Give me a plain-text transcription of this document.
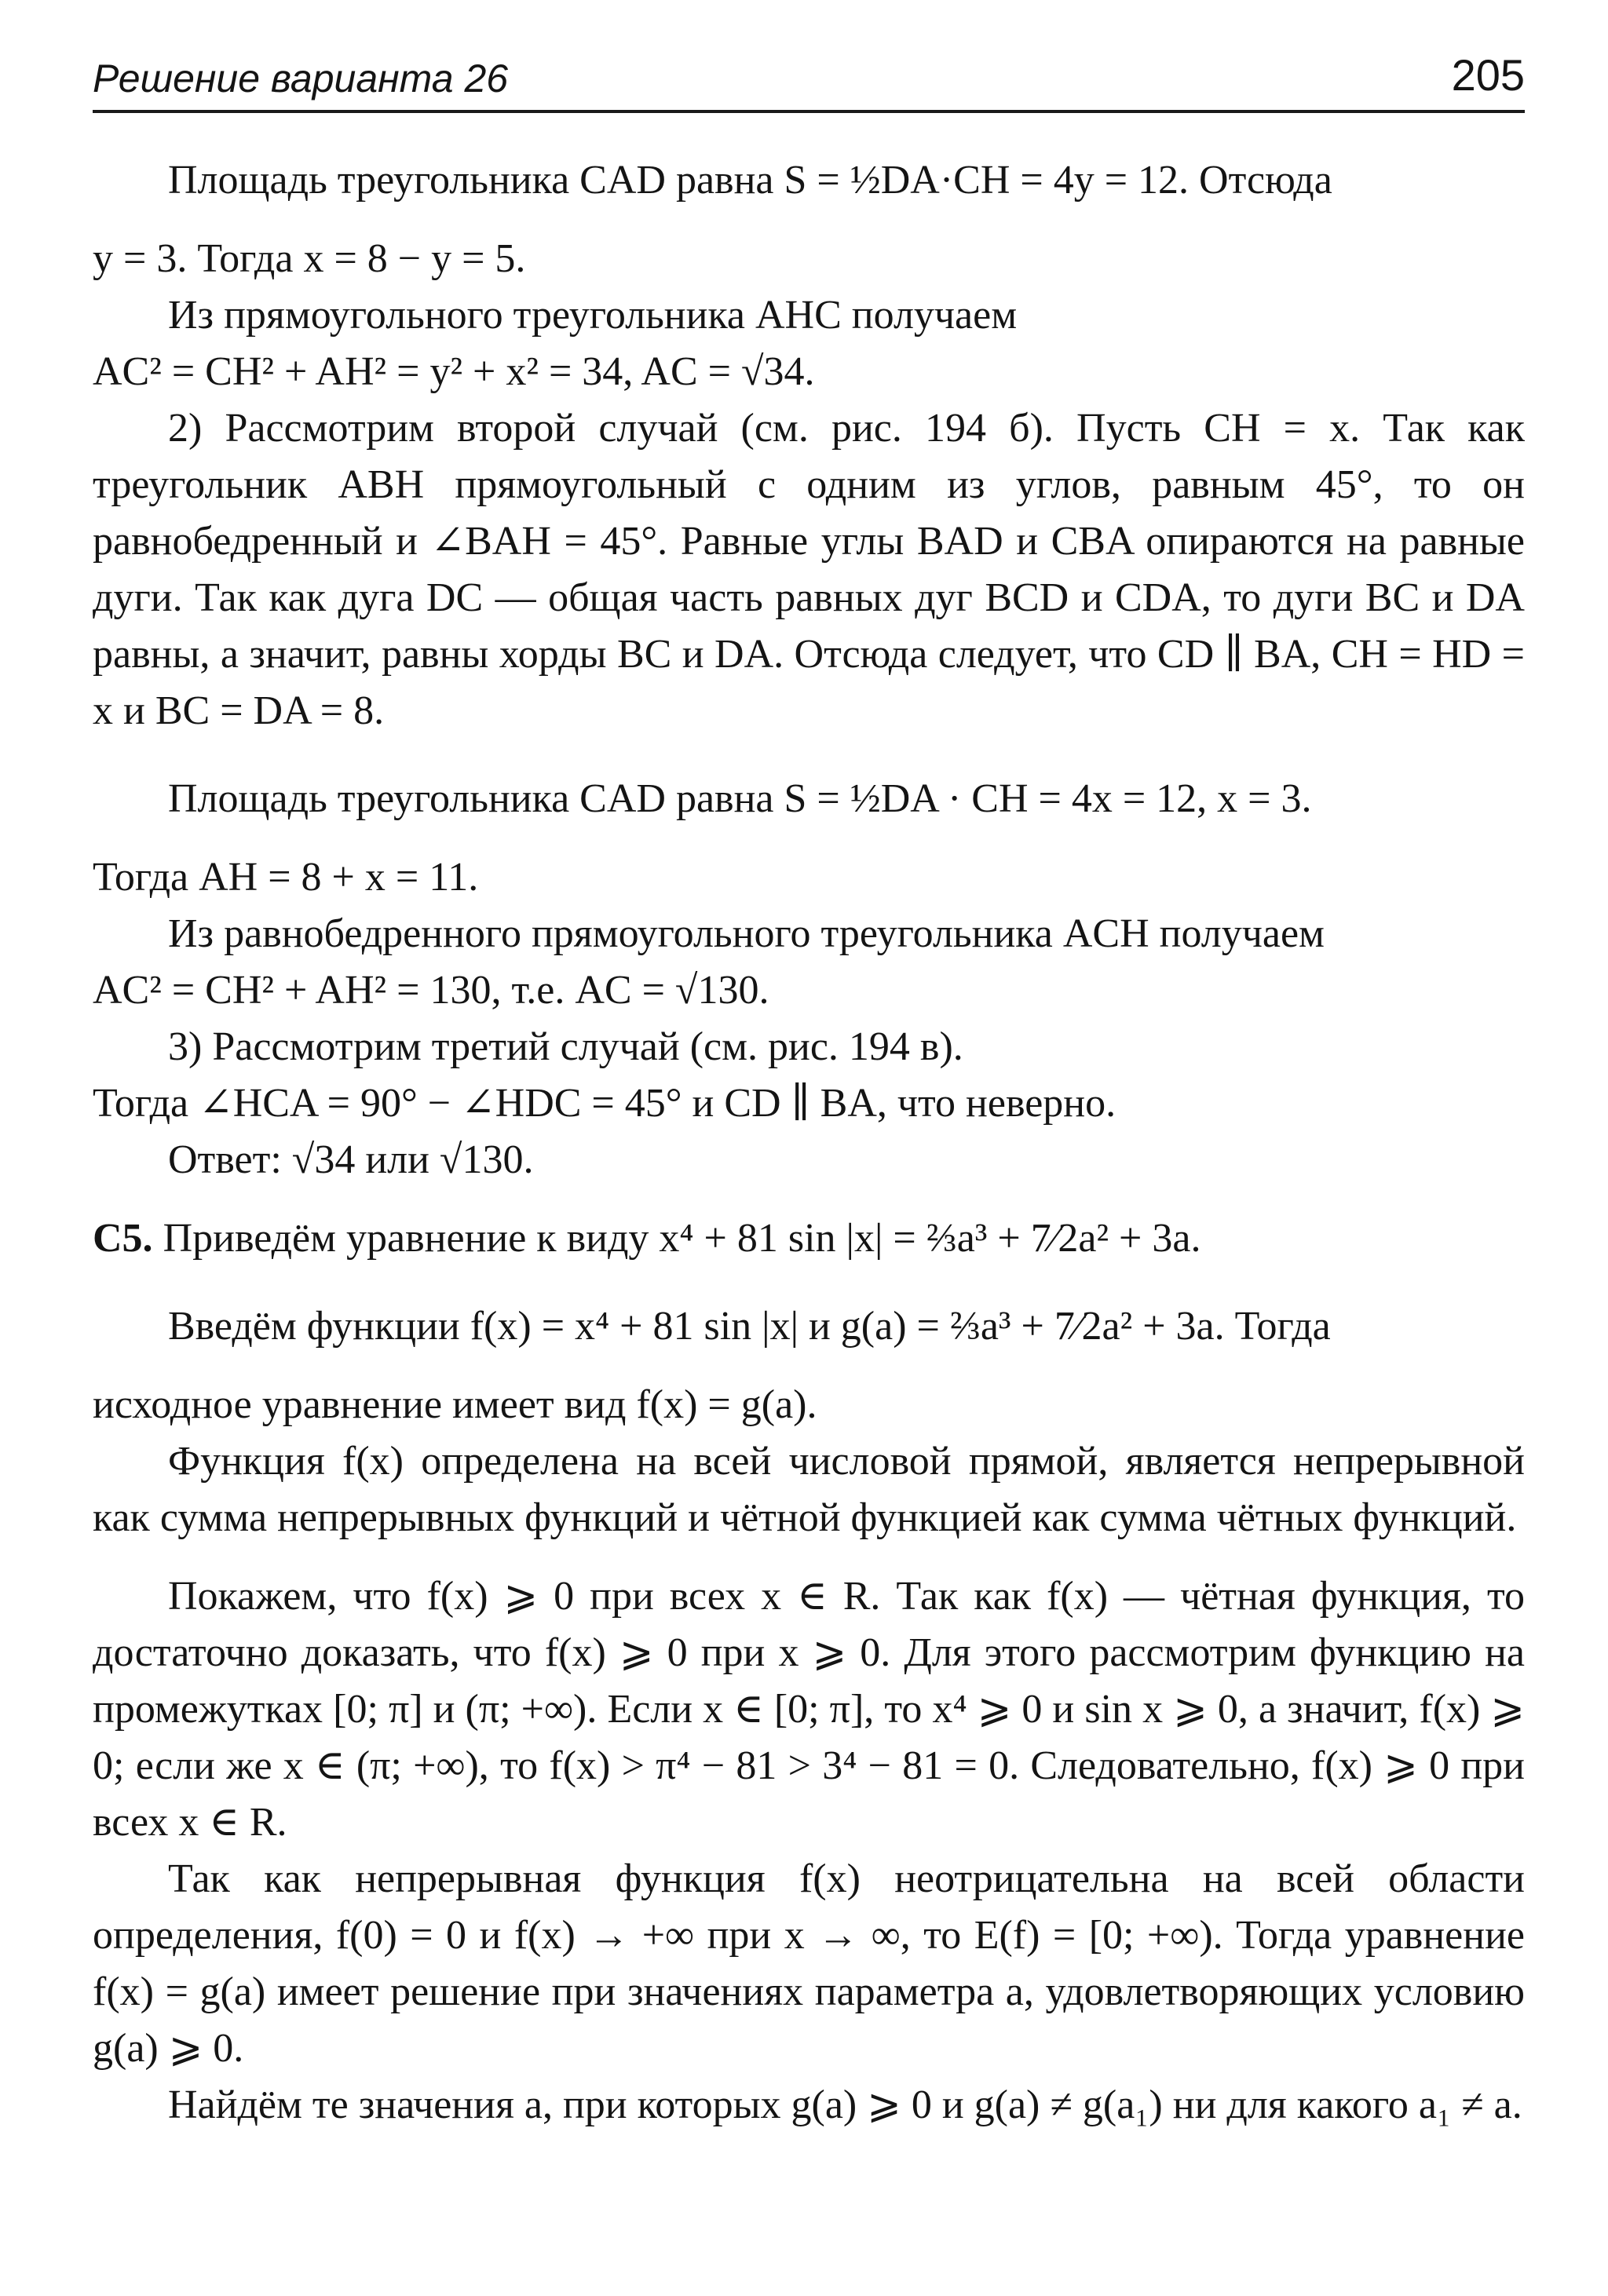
Решение варианта 26	205

Площадь треугольника CAD равна S = ½DA·CH = 4y = 12. Отсюда

y = 3. Тогда x = 8 − y = 5.

Из прямоугольного треугольника AHC получаем

AC² = CH² + AH² = y² + x² = 34, AC = √34.

2) Рассмотрим второй случай (см. рис. 194 б). Пусть CH = x. Так как треугольник ABH прямоугольный с одним из углов, равным 45°, то он равнобедренный и ∠BAH = 45°. Равные углы BAD и CBA опираются на равные дуги. Так как дуга DC — общая часть равных дуг BCD и CDA, то дуги BC и DA равны, а значит, равны хорды BC и DA. Отсюда следует, что CD ∥ BA, CH = HD = x и BC = DA = 8.

Площадь треугольника CAD равна S = ½DA · CH = 4x = 12, x = 3.

Тогда AH = 8 + x = 11.

Из равнобедренного прямоугольного треугольника ACH получаем

AC² = CH² + AH² = 130, т.е. AC = √130.

3) Рассмотрим третий случай (см. рис. 194 в).

Тогда ∠HCA = 90° − ∠HDC = 45° и CD ∥ BA, что неверно.

Ответ: √34 или √130.

C5. Приведём уравнение к виду x⁴ + 81 sin |x| = ⅔a³ + 7⁄2a² + 3a.

Введём функции f(x) = x⁴ + 81 sin |x| и g(a) = ⅔a³ + 7⁄2a² + 3a. Тогда

исходное уравнение имеет вид f(x) = g(a).

Функция f(x) определена на всей числовой прямой, является непрерывной как сумма непрерывных функций и чётной функцией как сумма чётных функций.

Покажем, что f(x) ⩾ 0 при всех x ∈ R. Так как f(x) — чётная функция, то достаточно доказать, что f(x) ⩾ 0 при x ⩾ 0. Для этого рассмотрим функцию на промежутках [0; π] и (π; +∞). Если x ∈ [0; π], то x⁴ ⩾ 0 и sin x ⩾ 0, а значит, f(x) ⩾ 0; если же x ∈ (π; +∞), то f(x) > π⁴ − 81 > 3⁴ − 81 = 0. Следовательно, f(x) ⩾ 0 при всех x ∈ R.

Так как непрерывная функция f(x) неотрицательна на всей области определения, f(0) = 0 и f(x) → +∞ при x → ∞, то E(f) = [0; +∞). Тогда уравнение f(x) = g(a) имеет решение при значениях параметра a, удовлетворяющих условию g(a) ⩾ 0.

Найдём те значения a, при которых g(a) ⩾ 0 и g(a) ≠ g(a₁) ни для какого a₁ ≠ a.
